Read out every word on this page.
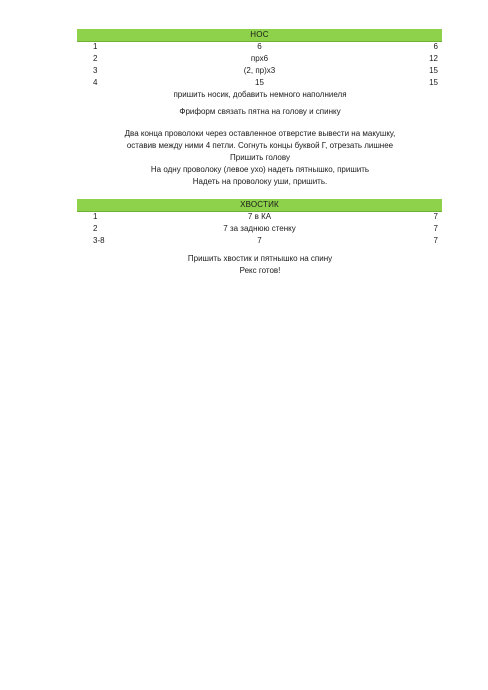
НОС
1	6	6
2	прх6	12
3	(2, пр)х3	15
4	15	15
пришить носик, добавить немного наполниеля
Фриформ связать пятна на голову и спинку
Два конца проволоки через оставленное отверстие вывести на макушку,
оставив между ними 4 петли. Согнуть концы буквой Г, отрезать лишнее
Пришить голову
На одну проволоку (левое ухо) надеть пятнышко, пришить
Надеть на проволоку уши, пришить.
ХВОСТИК
1	7 в КА	7
2	7 за заднюю стенку	7
3-8	7	7
Пришить хвостик и пятнышко на спину
Рекс готов!
